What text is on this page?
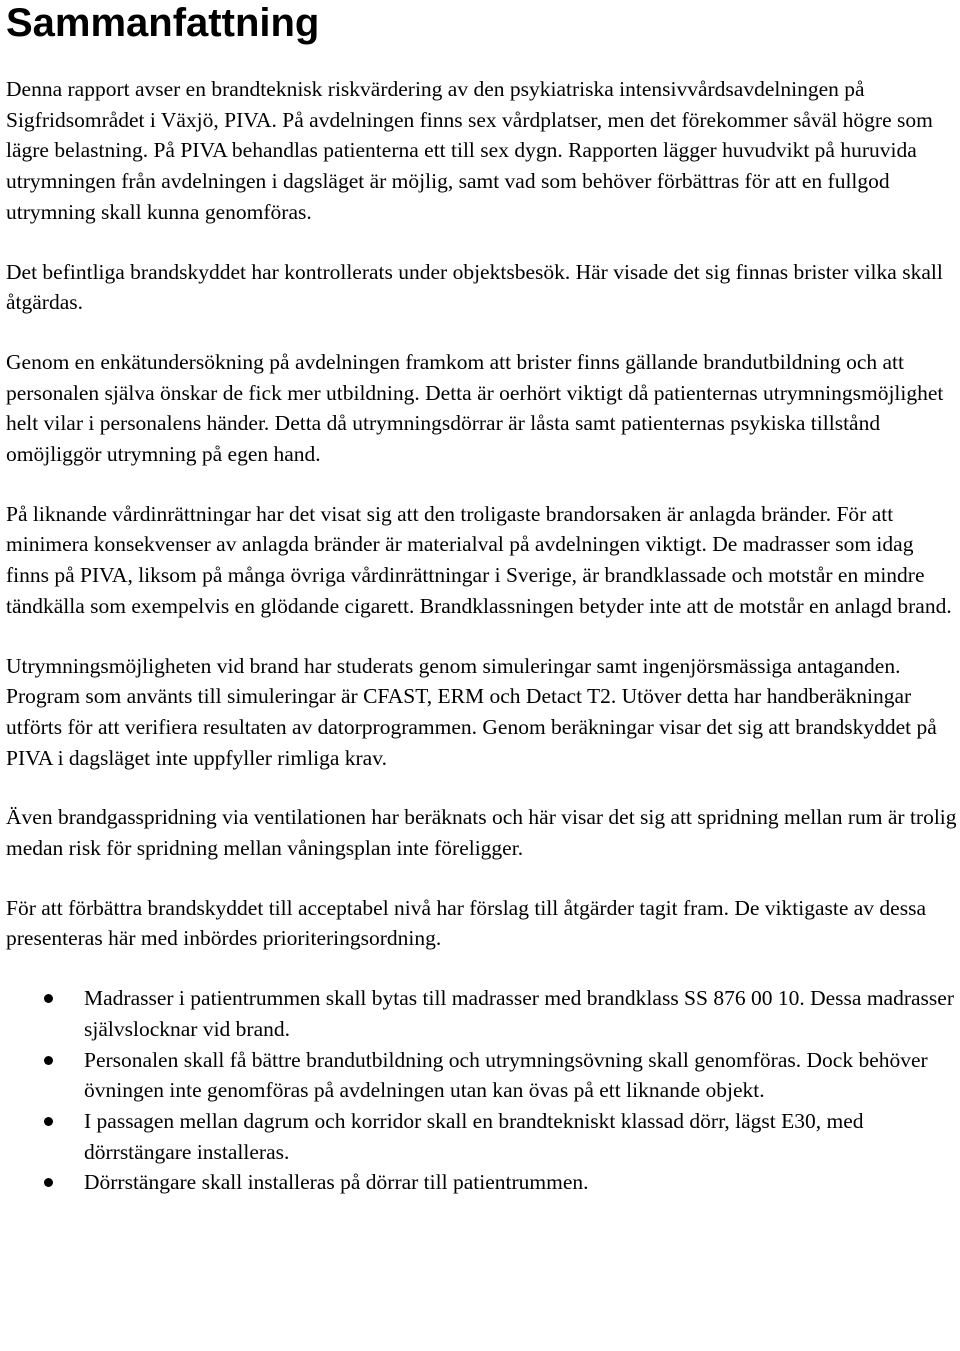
Sammanfattning

Denna rapport avser en brandteknisk riskvärdering av den psykiatriska intensivvårdsavdelningen på Sigfridsområdet i Växjö, PIVA. På avdelningen finns sex vårdplatser, men det förekommer såväl högre som lägre belastning. På PIVA behandlas patienterna ett till sex dygn. Rapporten lägger huvudvikt på huruvida utrymningen från avdelningen i dagsläget är möjlig, samt vad som behöver förbättras för att en fullgod utrymning skall kunna genomföras.

Det befintliga brandskyddet har kontrollerats under objektsbesök. Här visade det sig finnas brister vilka skall åtgärdas.

Genom en enkätundersökning på avdelningen framkom att brister finns gällande brandutbildning och att personalen själva önskar de fick mer utbildning. Detta är oerhört viktigt då patienternas utrymningsmöjlighet helt vilar i personalens händer. Detta då utrymningsdörrar är låsta samt patienternas psykiska tillstånd omöjliggör utrymning på egen hand.

På liknande vårdinrättningar har det visat sig att den troligaste brandorsaken är anlagda bränder. För att minimera konsekvenser av anlagda bränder är materialval på avdelningen viktigt. De madrasser som idag finns på PIVA, liksom på många övriga vårdinrättningar i Sverige, är brandklassade och motstår en mindre tändkälla som exempelvis en glödande cigarett. Brandklassningen betyder inte att de motstår en anlagd brand.

Utrymningsmöjligheten vid brand har studerats genom simuleringar samt ingenjörsmässiga antaganden. Program som använts till simuleringar är CFAST, ERM och Detact T2. Utöver detta har handberäkningar utförts för att verifiera resultaten av datorprogrammen. Genom beräkningar visar det sig att brandskyddet på PIVA i dagsläget inte uppfyller rimliga krav.

Även brandgasspridning via ventilationen har beräknats och här visar det sig att spridning mellan rum är trolig medan risk för spridning mellan våningsplan inte föreligger.

För att förbättra brandskyddet till acceptabel nivå har förslag till åtgärder tagit fram. De viktigaste av dessa presenteras här med inbördes prioriteringsordning.

Madrasser i patientrummen skall bytas till madrasser med brandklass SS 876 00 10. Dessa madrasser självslocknar vid brand.
Personalen skall få bättre brandutbildning och utrymningsövning skall genomföras. Dock behöver övningen inte genomföras på avdelningen utan kan övas på ett liknande objekt.
I passagen mellan dagrum och korridor skall en brandtekniskt klassad dörr, lägst E30, med dörrstängare installeras.
Dörrstängare skall installeras på dörrar till patientrummen.
